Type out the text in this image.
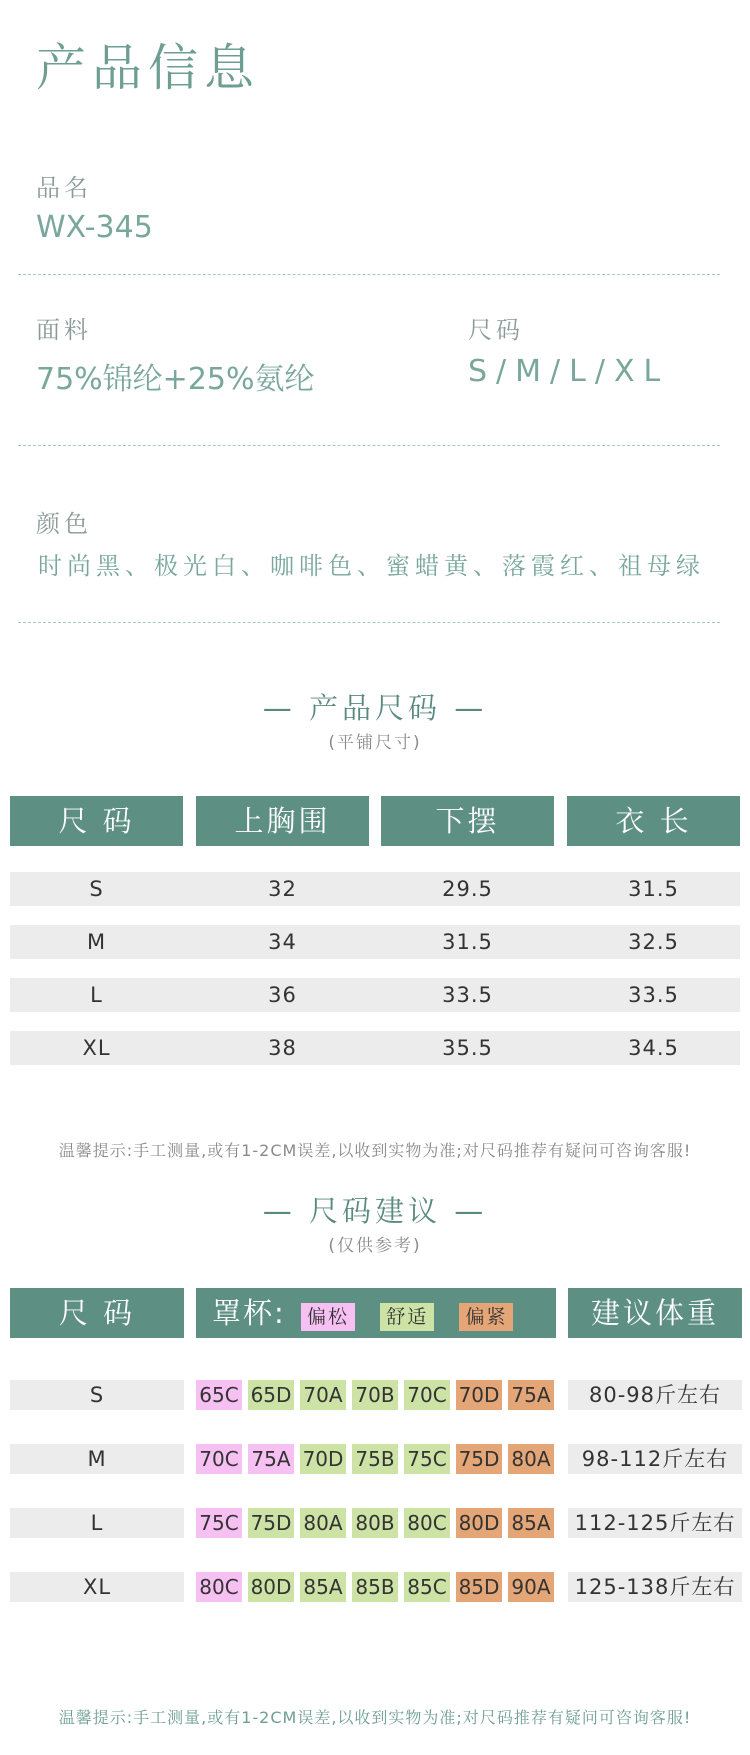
产品信息
品名
WX-345
面料
75%锦纶+25%氨纶
尺码
S/M/L/XL
颜色
时尚黑、极光白、咖啡色、蜜蜡黄、落霞红、祖母绿
— 产品尺码 —
(平铺尺寸)
尺 码	上胸围	下摆	衣 长
S	32	29.5	31.5
M	34	31.5	32.5
L	36	33.5	33.5
XL	38	35.5	34.5
温馨提示:手工测量,或有1-2CM误差,以收到实物为准;对尺码推荐有疑问可咨询客服!
— 尺码建议 —
(仅供参考)
尺 码	罩杯: 偏松 舒适 偏紧	建议体重
S	65C 65D 70A 70B 70C 70D 75A	80-98斤左右
M	70C 75A 70D 75B 75C 75D 80A	98-112斤左右
L	75C 75D 80A 80B 80C 80D 85A	112-125斤左右
XL	80C 80D 85A 85B 85C 85D 90A	125-138斤左右
温馨提示:手工测量,或有1-2CM误差,以收到实物为准;对尺码推荐有疑问可咨询客服!
